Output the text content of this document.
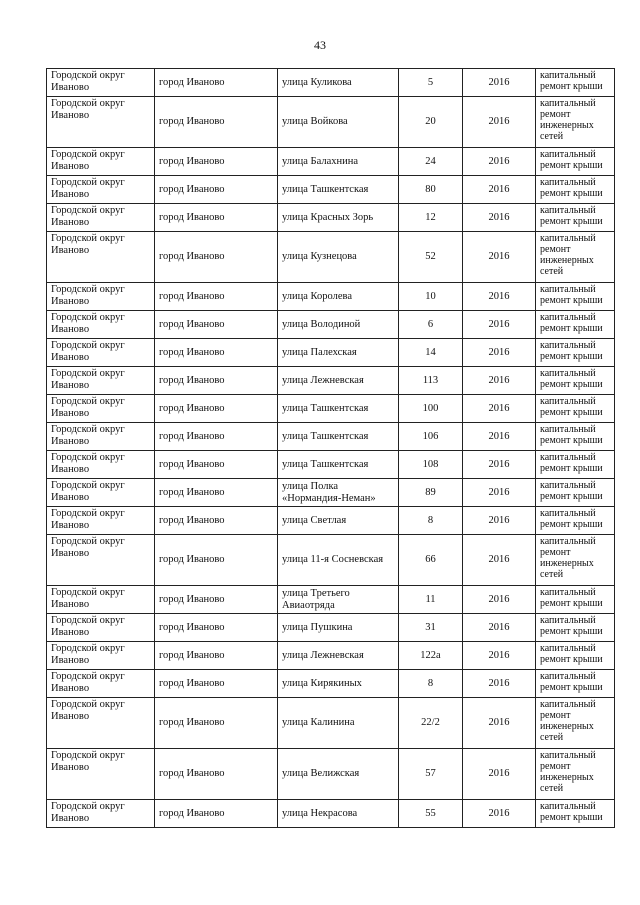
43
Городской округ Иваново	город Иваново	улица Куликова	5	2016	капитальный ремонт крыши
Городской округ Иваново	город Иваново	улица Войкова	20	2016	капитальный ремонт инженерных сетей
Городской округ Иваново	город Иваново	улица Балахнина	24	2016	капитальный ремонт крыши
Городской округ Иваново	город Иваново	улица Ташкентская	80	2016	капитальный ремонт крыши
Городской округ Иваново	город Иваново	улица Красных Зорь	12	2016	капитальный ремонт крыши
Городской округ Иваново	город Иваново	улица Кузнецова	52	2016	капитальный ремонт инженерных сетей
Городской округ Иваново	город Иваново	улица Королева	10	2016	капитальный ремонт крыши
Городской округ Иваново	город Иваново	улица Володиной	6	2016	капитальный ремонт крыши
Городской округ Иваново	город Иваново	улица Палехская	14	2016	капитальный ремонт крыши
Городской округ Иваново	город Иваново	улица Лежневская	113	2016	капитальный ремонт крыши
Городской округ Иваново	город Иваново	улица Ташкентская	100	2016	капитальный ремонт крыши
Городской округ Иваново	город Иваново	улица Ташкентская	106	2016	капитальный ремонт крыши
Городской округ Иваново	город Иваново	улица Ташкентская	108	2016	капитальный ремонт крыши
Городской округ Иваново	город Иваново	улица Полка «Нормандия-Неман»	89	2016	капитальный ремонт крыши
Городской округ Иваново	город Иваново	улица Светлая	8	2016	капитальный ремонт крыши
Городской округ Иваново	город Иваново	улица 11-я Сосневская	66	2016	капитальный ремонт инженерных сетей
Городской округ Иваново	город Иваново	улица Третьего Авиаотряда	11	2016	капитальный ремонт крыши
Городской округ Иваново	город Иваново	улица Пушкина	31	2016	капитальный ремонт крыши
Городской округ Иваново	город Иваново	улица Лежневская	122а	2016	капитальный ремонт крыши
Городской округ Иваново	город Иваново	улица Кирякиных	8	2016	капитальный ремонт крыши
Городской округ Иваново	город Иваново	улица Калинина	22/2	2016	капитальный ремонт инженерных сетей
Городской округ Иваново	город Иваново	улица Велижская	57	2016	капитальный ремонт инженерных сетей
Городской округ Иваново	город Иваново	улица Некрасова	55	2016	капитальный ремонт крыши
